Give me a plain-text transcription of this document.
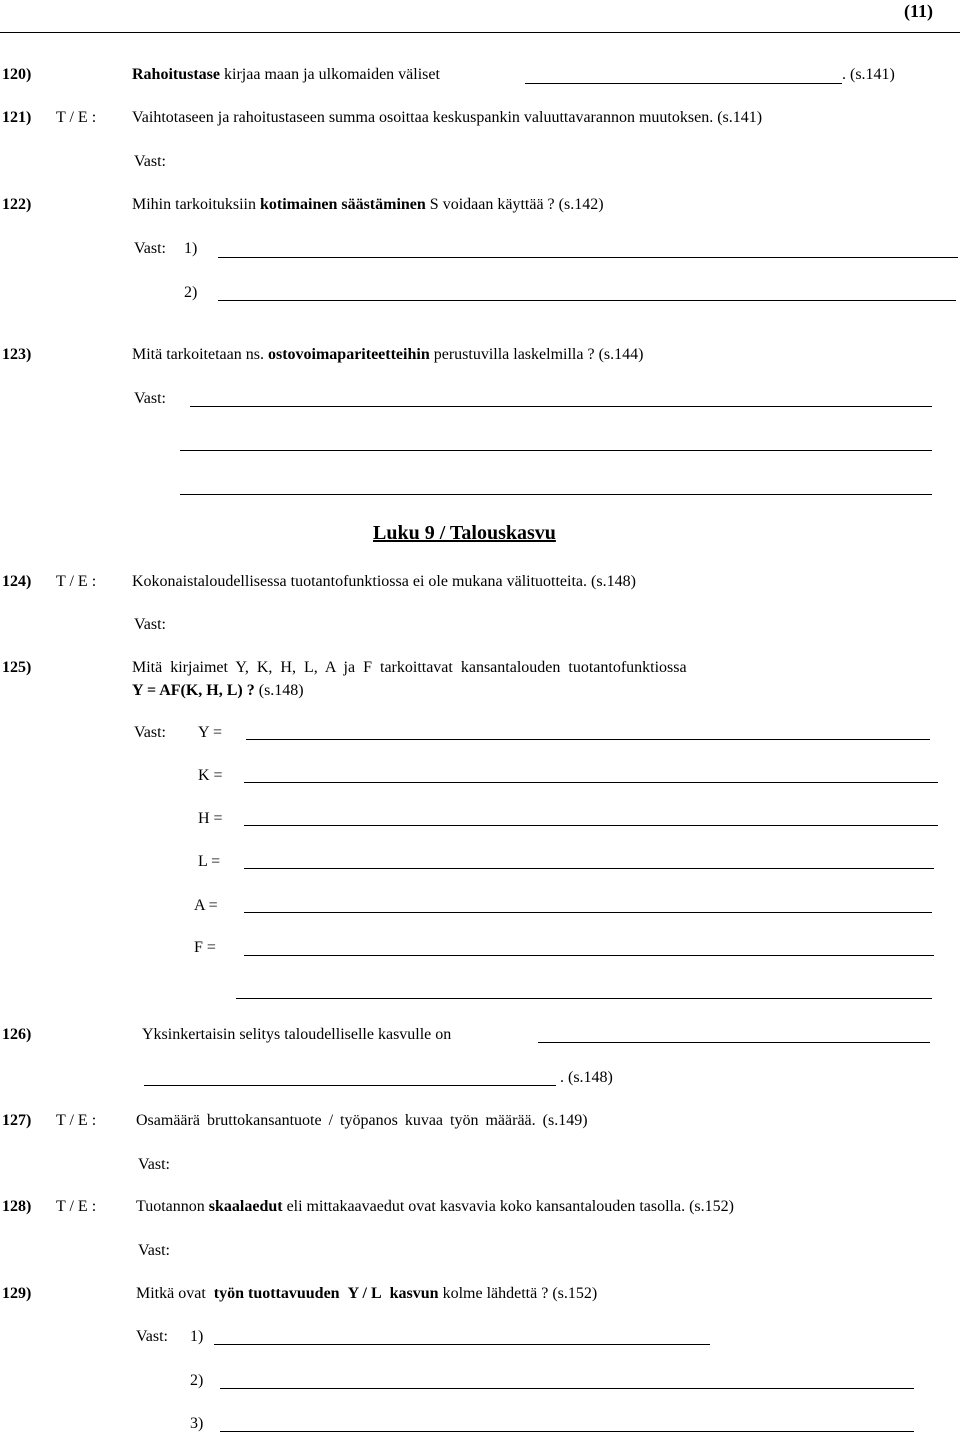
(11)
120)	Rahoitustase kirjaa maan ja ulkomaiden väliset	. (s.141)
121) T / E : Vaihtotaseen ja rahoitustaseen summa osoittaa keskuspankin valuuttavarannon muutoksen. (s.141)
Vast:
122)	Mihin tarkoituksiin kotimainen säästäminen S voidaan käyttää ? (s.142)
Vast: 1)
2)
123)	Mitä tarkoitetaan ns. ostovoimapariteetteihin perustuvilla laskelmilla ? (s.144)
Vast:
Luku 9 / Talouskasvu
124) T / E : Kokonaistaloudellisessa tuotantofunktiossa ei ole mukana välituotteita. (s.148)
Vast:
125)	Mitä kirjaimet Y, K, H, L, A ja F tarkoittavat kansantalouden tuotantofunktiossa
Y = AF(K, H, L) ? (s.148)
Vast: Y =
K =
H =
L =
A =
F =
126)	Yksinkertaisin selitys taloudelliselle kasvulle on
. (s.148)
127) T / E : Osamäärä bruttokansantuote / työpanos kuvaa työn määrää. (s.149)
Vast:
128) T / E : Tuotannon skaalaedut eli mittakaavaedut ovat kasvavia koko kansantalouden tasolla. (s.152)
Vast:
129)	Mitkä ovat työn tuottavuuden Y / L kasvun kolme lähdettä ? (s.152)
Vast: 1)
2)
3)
